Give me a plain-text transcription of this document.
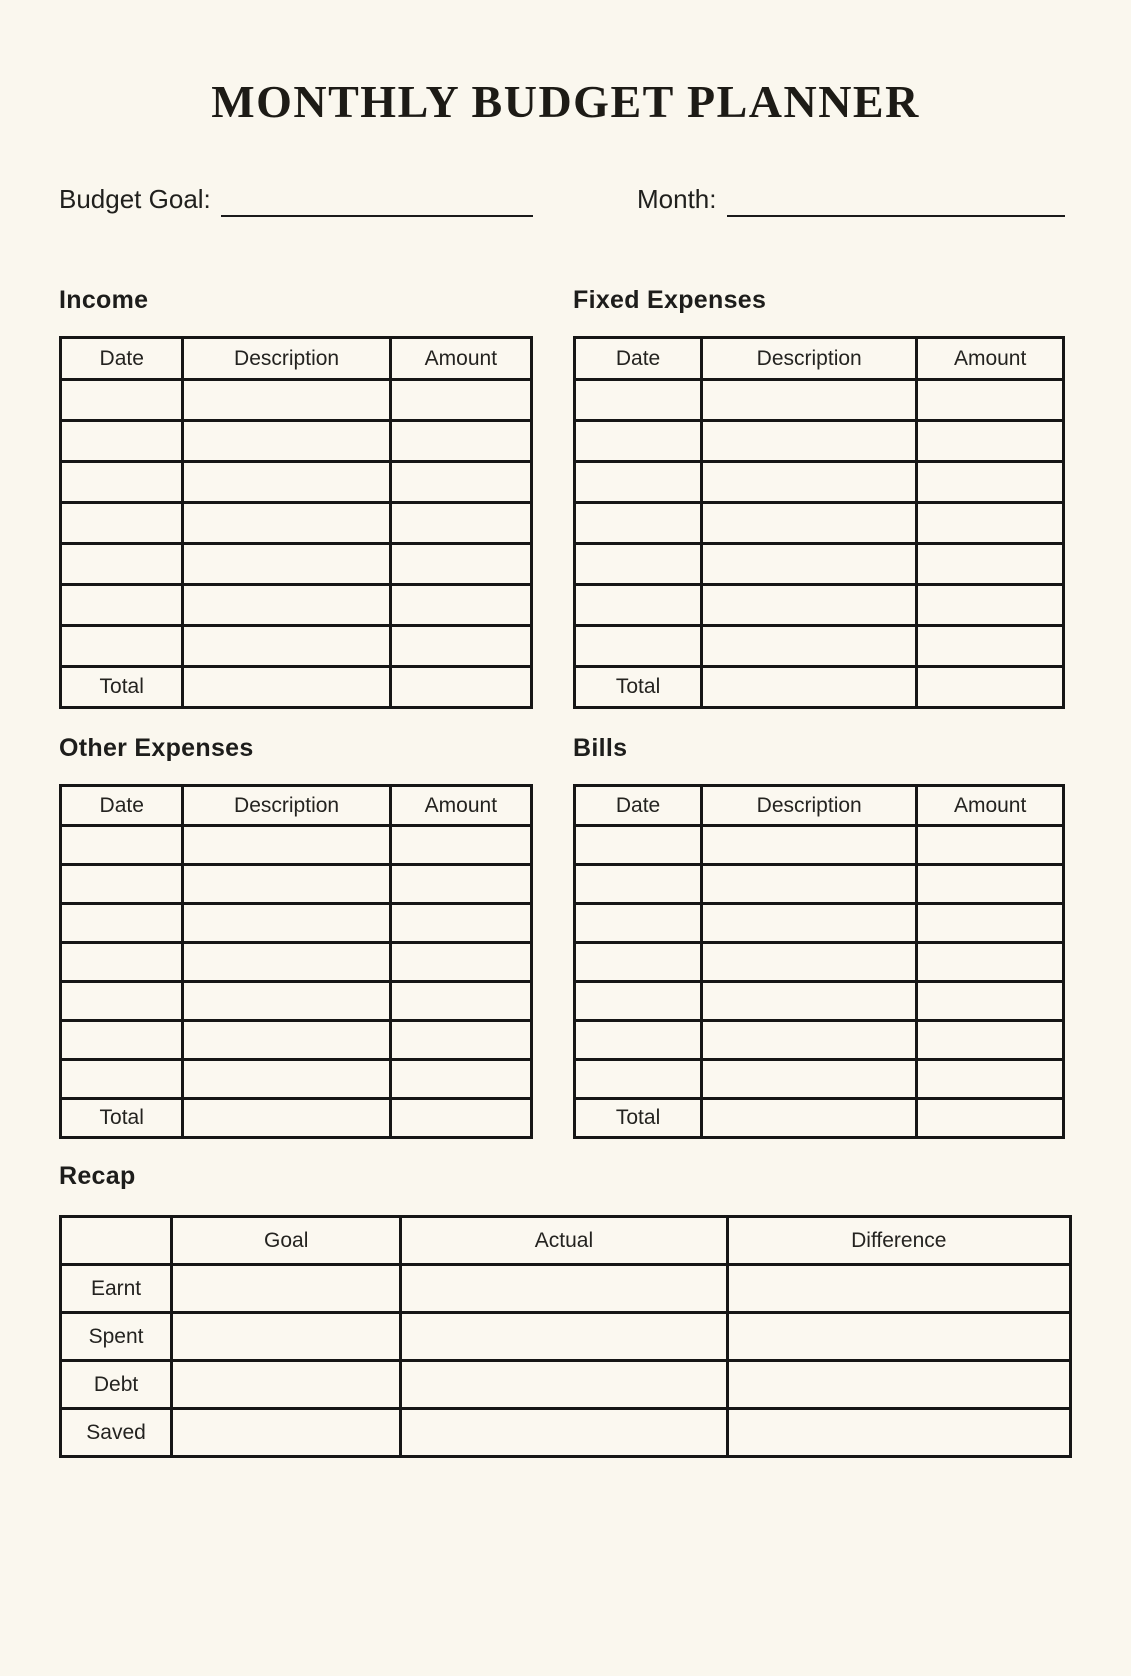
MONTHLY BUDGET PLANNER
Budget Goal:	Month:
Income
Date	Description	Amount

Total		
Other Expenses
Date	Description	Amount

Total		
Fixed Expenses
Date	Description	Amount

Total		
Bills
Date	Description	Amount

Total		
Recap
	Goal	Actual	Difference
Earnt			
Spent			
Debt			
Saved			
